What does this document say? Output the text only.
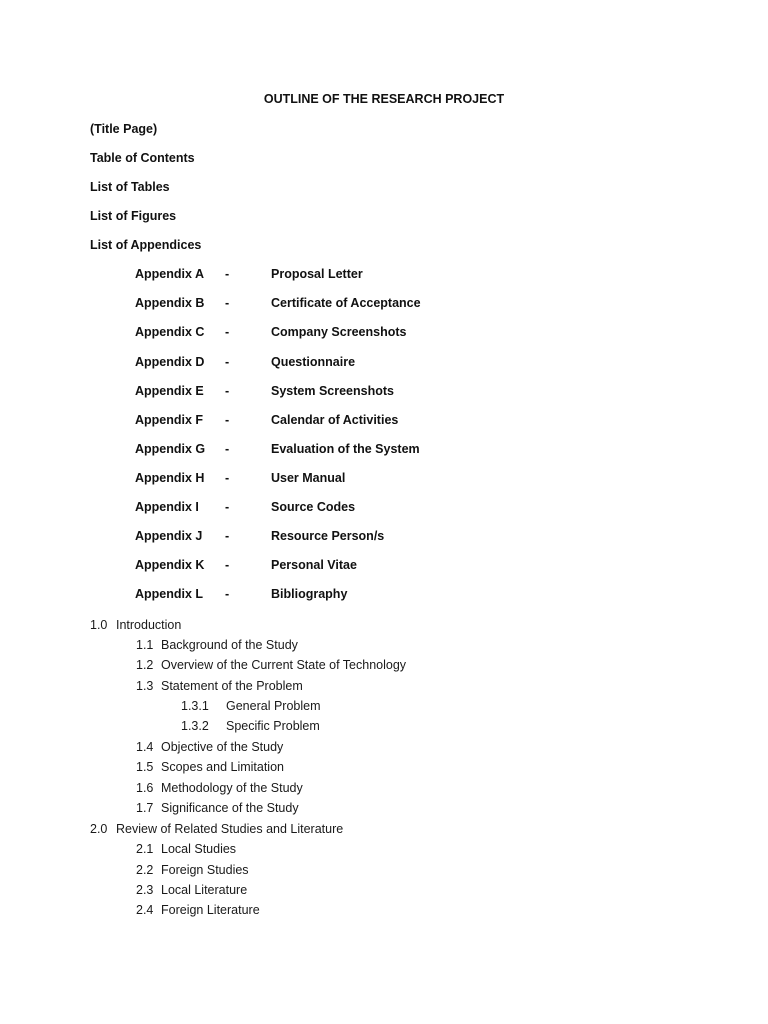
OUTLINE OF THE RESEARCH PROJECT
(Title Page)
Table of Contents
List of Tables
List of Figures
List of Appendices
Appendix A -	Proposal Letter
Appendix B -	Certificate of Acceptance
Appendix C -	Company Screenshots
Appendix D -	Questionnaire
Appendix E -	System Screenshots
Appendix F -	Calendar of Activities
Appendix G -	Evaluation of the System
Appendix H -	User Manual
Appendix I -	Source Codes
Appendix J -	Resource Person/s
Appendix K -	Personal Vitae
Appendix L -	Bibliography
1.0 Introduction
1.1 Background of the Study
1.2 Overview of the Current State of Technology
1.3 Statement of the Problem
1.3.1 General Problem
1.3.2 Specific Problem
1.4 Objective of the Study
1.5 Scopes and Limitation
1.6 Methodology of the Study
1.7 Significance of the Study
2.0 Review of Related Studies and Literature
2.1 Local Studies
2.2 Foreign Studies
2.3 Local Literature
2.4 Foreign Literature
